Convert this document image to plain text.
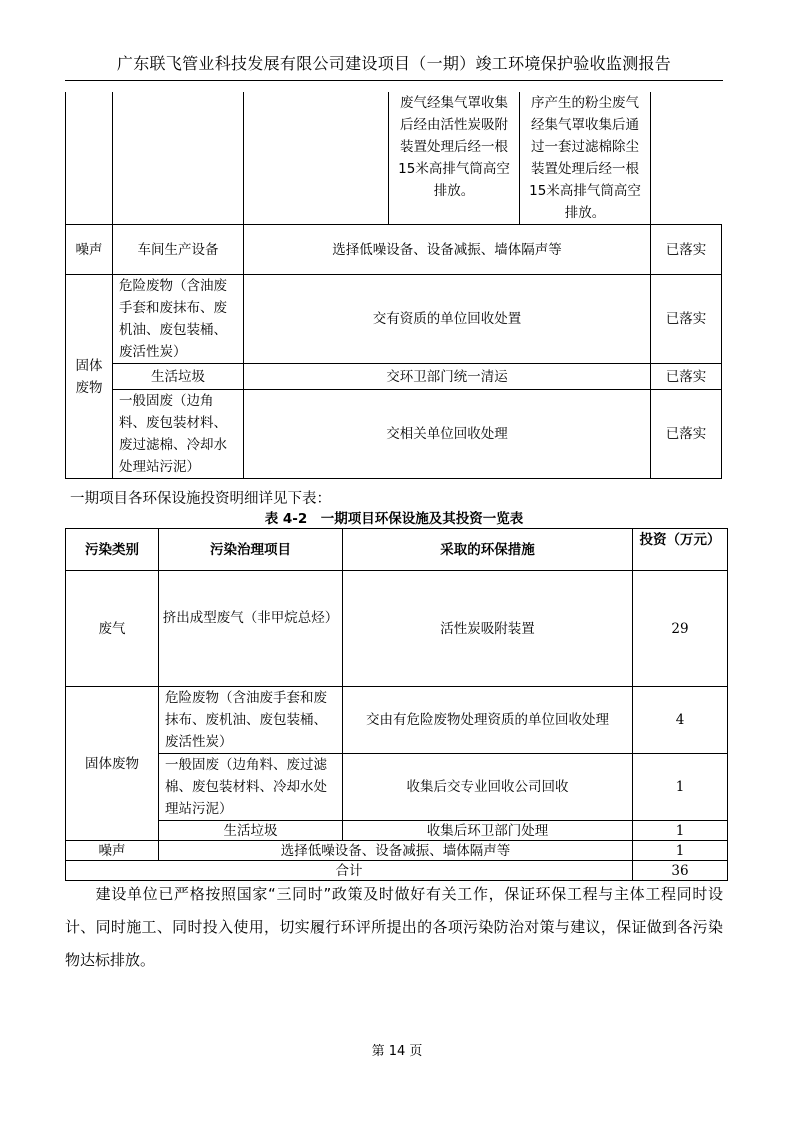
广东联飞管业科技发展有限公司建设项目（一期）竣工环境保护验收监测报告
			废气经集气罩收集后经由活性炭吸附装置处理后经一根15米高排气筒高空排放。	序产生的粉尘废气经集气罩收集后通过一套过滤棉除尘装置处理后经一根15米高排气筒高空排放。	
噪声	车间生产设备	选择低噪设备、设备减振、墙体隔声等			已落实
固体废物	危险废物（含油废手套和废抹布、废机油、废包装桶、废活性炭）	交有资质的单位回收处置			已落实
	生活垃圾	交环卫部门统一清运			已落实
	一般固废（边角料、废包装材料、废过滤棉、冷却水处理站污泥）	交相关单位回收处理			已落实
一期项目各环保设施投资明细详见下表：
表 4-2　一期项目环保设施及其投资一览表
污染类别	污染治理项目	采取的环保措施	投资（万元）
废气	挤出成型废气（非甲烷总烃）	活性炭吸附装置	29
固体废物	危险废物（含油废手套和废抹布、废机油、废包装桶、废活性炭）	交由有危险废物处理资质的单位回收处理	4
	一般固废（边角料、废过滤棉、废包装材料、冷却水处理站污泥）	收集后交专业回收公司回收	1
	生活垃圾	收集后环卫部门处理	1
噪声	选择低噪设备、设备减振、墙体隔声等		1
合计			36
建设单位已严格按照国家“三同时”政策及时做好有关工作，保证环保工程与主体工程同时设计、同时施工、同时投入使用，切实履行环评所提出的各项污染防治对策与建议，保证做到各污染物达标排放。
第 14 页
